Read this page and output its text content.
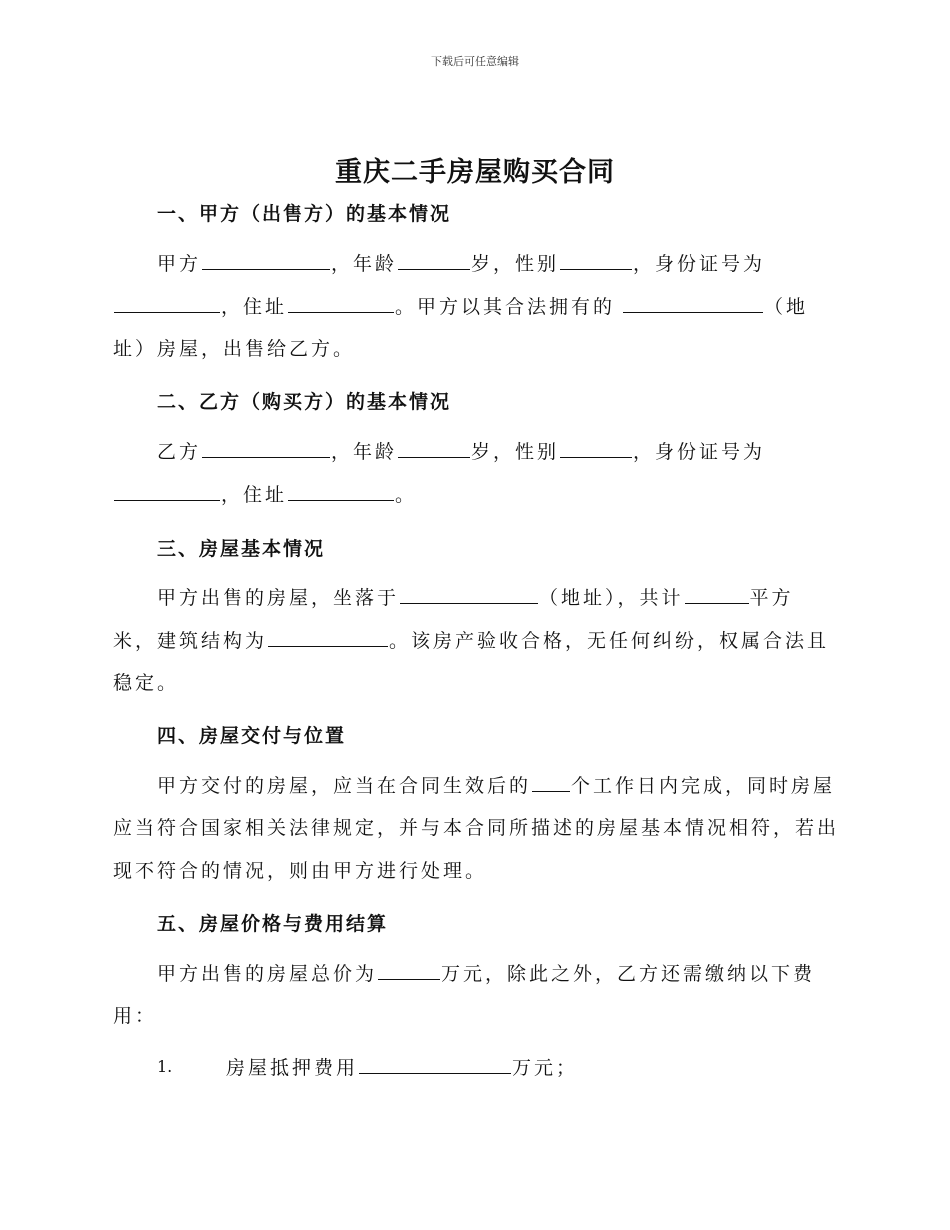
下载后可任意编辑
重庆二手房屋购买合同
一、甲方（出售方）的基本情况
甲方	，年龄	岁，性别	，身份证号为
，住址	。甲方以其合法拥有的	（地
址）房屋，出售给乙方。
二、乙方（购买方）的基本情况
乙方	，年龄	岁，性别	，身份证号为
，住址	。
三、房屋基本情况
甲方出售的房屋，坐落于	（地址），共计	平方
米，建筑结构为	。该房产验收合格，无任何纠纷，权属合法且
稳定。
四、房屋交付与位置
甲方交付的房屋，应当在合同生效后的 个工作日内完成，同时房屋
应当符合国家相关法律规定，并与本合同所描述的房屋基本情况相符，若出
现不符合的情况，则由甲方进行处理。
五、房屋价格与费用结算
甲方出售的房屋总价为	万元，除此之外，乙方还需缴纳以下费
用：
1.	房屋抵押费用	万元；
